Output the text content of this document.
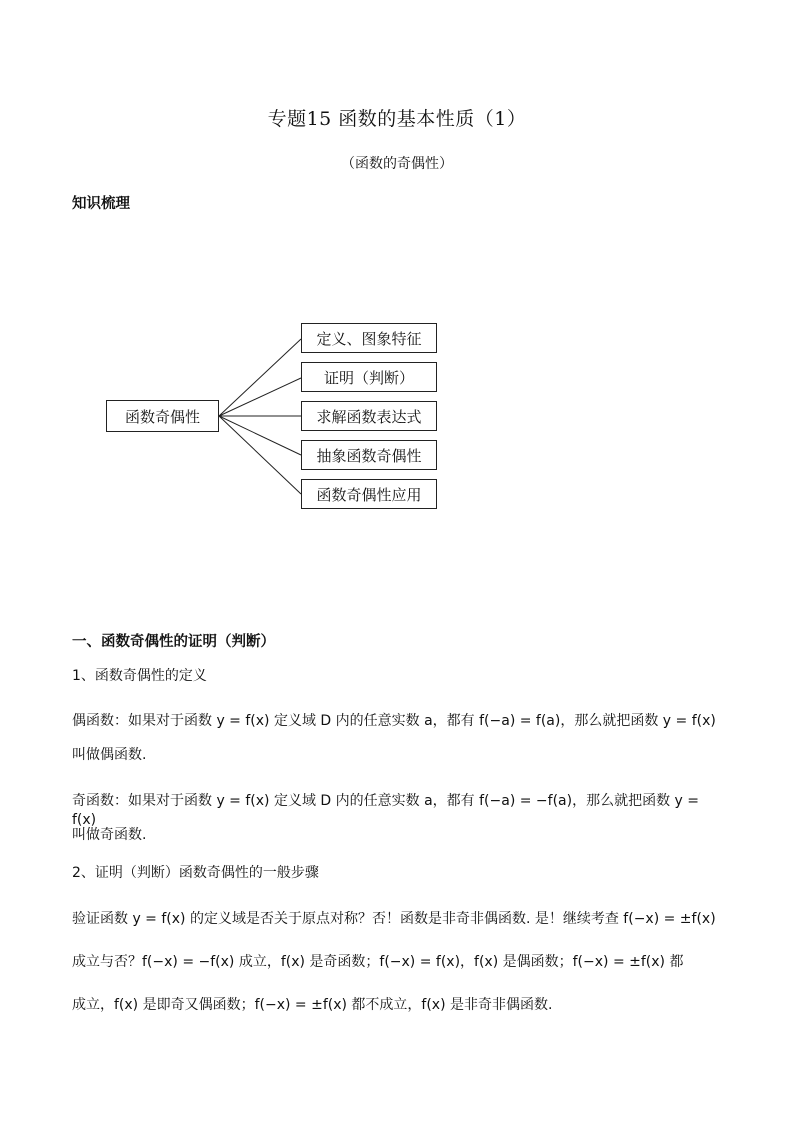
专题15 函数的基本性质（1）
（函数的奇偶性）
知识梳理
函数奇偶性
定义、图象特征
证明（判断）
求解函数表达式
抽象函数奇偶性
函数奇偶性应用
一、函数奇偶性的证明（判断）
1、函数奇偶性的定义
偶函数：如果对于函数 y = f(x) 定义域 D 内的任意实数 a，都有 f(−a) = f(a)，那么就把函数 y = f(x)
叫做偶函数.
奇函数：如果对于函数 y = f(x) 定义域 D 内的任意实数 a，都有 f(−a) = −f(a)，那么就把函数 y = f(x)
叫做奇函数.
2、证明（判断）函数奇偶性的一般步骤
验证函数 y = f(x) 的定义域是否关于原点对称？否！函数是非奇非偶函数. 是！继续考查 f(−x) = ±f(x)
成立与否？f(−x) = −f(x) 成立，f(x) 是奇函数；f(−x) = f(x)，f(x) 是偶函数；f(−x) = ±f(x) 都
成立，f(x) 是即奇又偶函数；f(−x) = ±f(x) 都不成立，f(x) 是非奇非偶函数.
